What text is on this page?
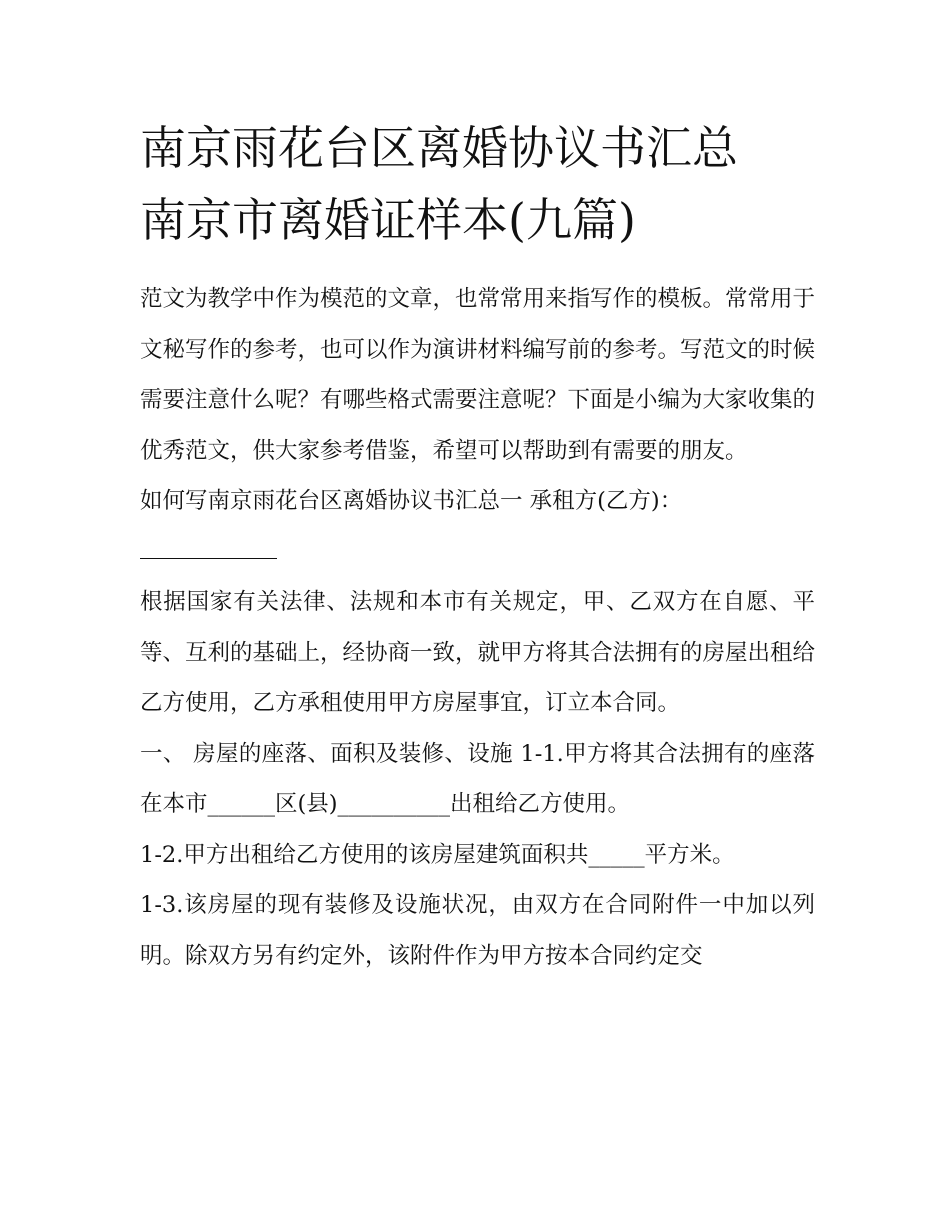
南京雨花台区离婚协议书汇总
南京市离婚证样本(九篇)

范文为教学中作为模范的文章，也常常用来指写作的模板。常常用于文秘写作的参考，也可以作为演讲材料编写前的参考。写范文的时候需要注意什么呢？有哪些格式需要注意呢？下面是小编为大家收集的优秀范文，供大家参考借鉴，希望可以帮助到有需要的朋友。

如何写南京雨花台区离婚协议书汇总一 承租方(乙方)：

根据国家有关法律、法规和本市有关规定，甲、乙双方在自愿、平等、互利的基础上，经协商一致，就甲方将其合法拥有的房屋出租给乙方使用，乙方承租使用甲方房屋事宜，订立本合同。

一、 房屋的座落、面积及装修、设施 1-1.甲方将其合法拥有的座落在本市______区(县)__________出租给乙方使用。

1-2.甲方出租给乙方使用的该房屋建筑面积共_____平方米。

1-3.该房屋的现有装修及设施状况，由双方在合同附件一中加以列明。除双方另有约定外，该附件作为甲方按本合同约定交
